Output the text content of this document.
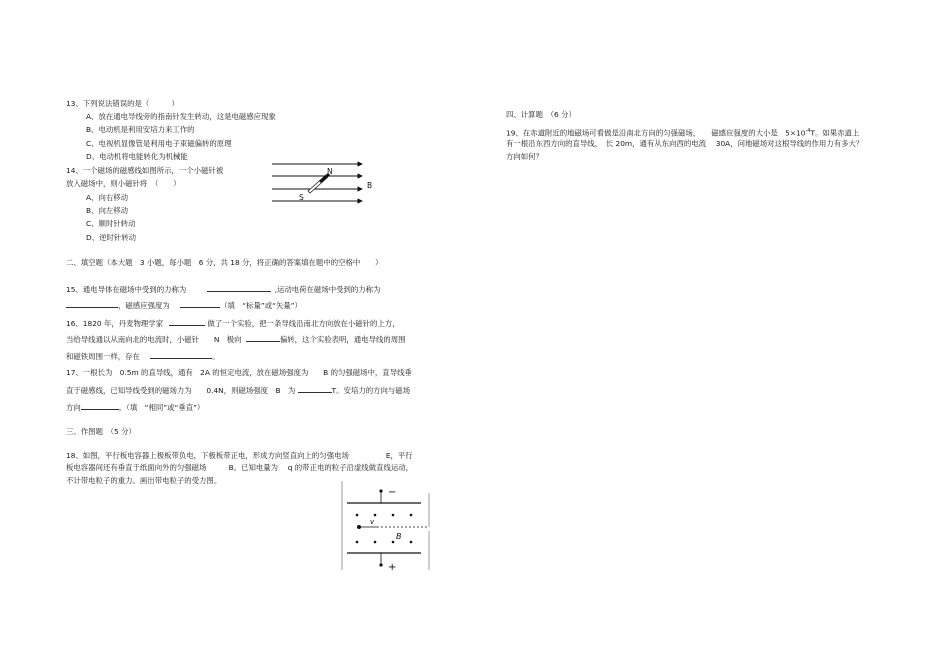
13、下列说法错误的是（　　　）
A、放在通电导线旁的指南针发生转动，这是电磁感应现象
B、电动机是利用安培力来工作的
C、电视机显像管是利用电子束磁偏转的原理
D、电动机将电能转化为机械能
14、一个磁场的磁感线如图所示，一个小磁针被
放入磁场中，则小磁针将　（　　）
A、向右移动
B、向左移动
C、顺时针转动
D、逆时针转动
N
S
B
二、填空题（本大题　3 小题，每小题　6 分，共 18 分，将正确的答案填在题中的空格中　　）
15、通电导体在磁场中受到的力称为	,运动电荷在磁场中受到的力称为
，磁感应强度为	（填　“标量”或“矢量”）
16、1820 年，丹麦物理学家	做了一个实验，把一条导线沿南北方向放在小磁针的上方，
当给导线通以从南向北的电流时，小磁针　　N　极向	偏转，这个实验表明，通电导线的周围
和磁铁周围一样，存在	。
17、一根长为　0.5m 的直导线，通有　2A 的恒定电流，放在磁场强度为　　B 的匀强磁场中，直导线垂
直于磁感线，已知导线受到的磁场力为　　0.4N，则磁场强度　B　为	T。安培力的方向与磁场
方向	。（填　“相同”或“垂直”）
三、作图题　（5 分）
18、如图，平行板电容器上极板带负电，下极板带正电，形成方向竖直向上的匀强电场　　　　　E，平行
板电容器间还有垂直于纸面向外的匀强磁场　　　B。已知电量为　 q 的带正电的粒子沿虚线做直线运动，
不计带电粒子的重力。画出带电粒子的受力图。
−
v
B
+
四、计算题　（6 分）
19、在赤道附近的地磁场可看做是沿南北方向的匀强磁场，　　磁感应强度的大小是　$5\times 10^{-4}T$。如果赤道上
有一根沿东西方向的直导线，　长 20m，通有从东向西的电流　 30A，问地磁场对这根导线的作用力有多大？
方向如何？
